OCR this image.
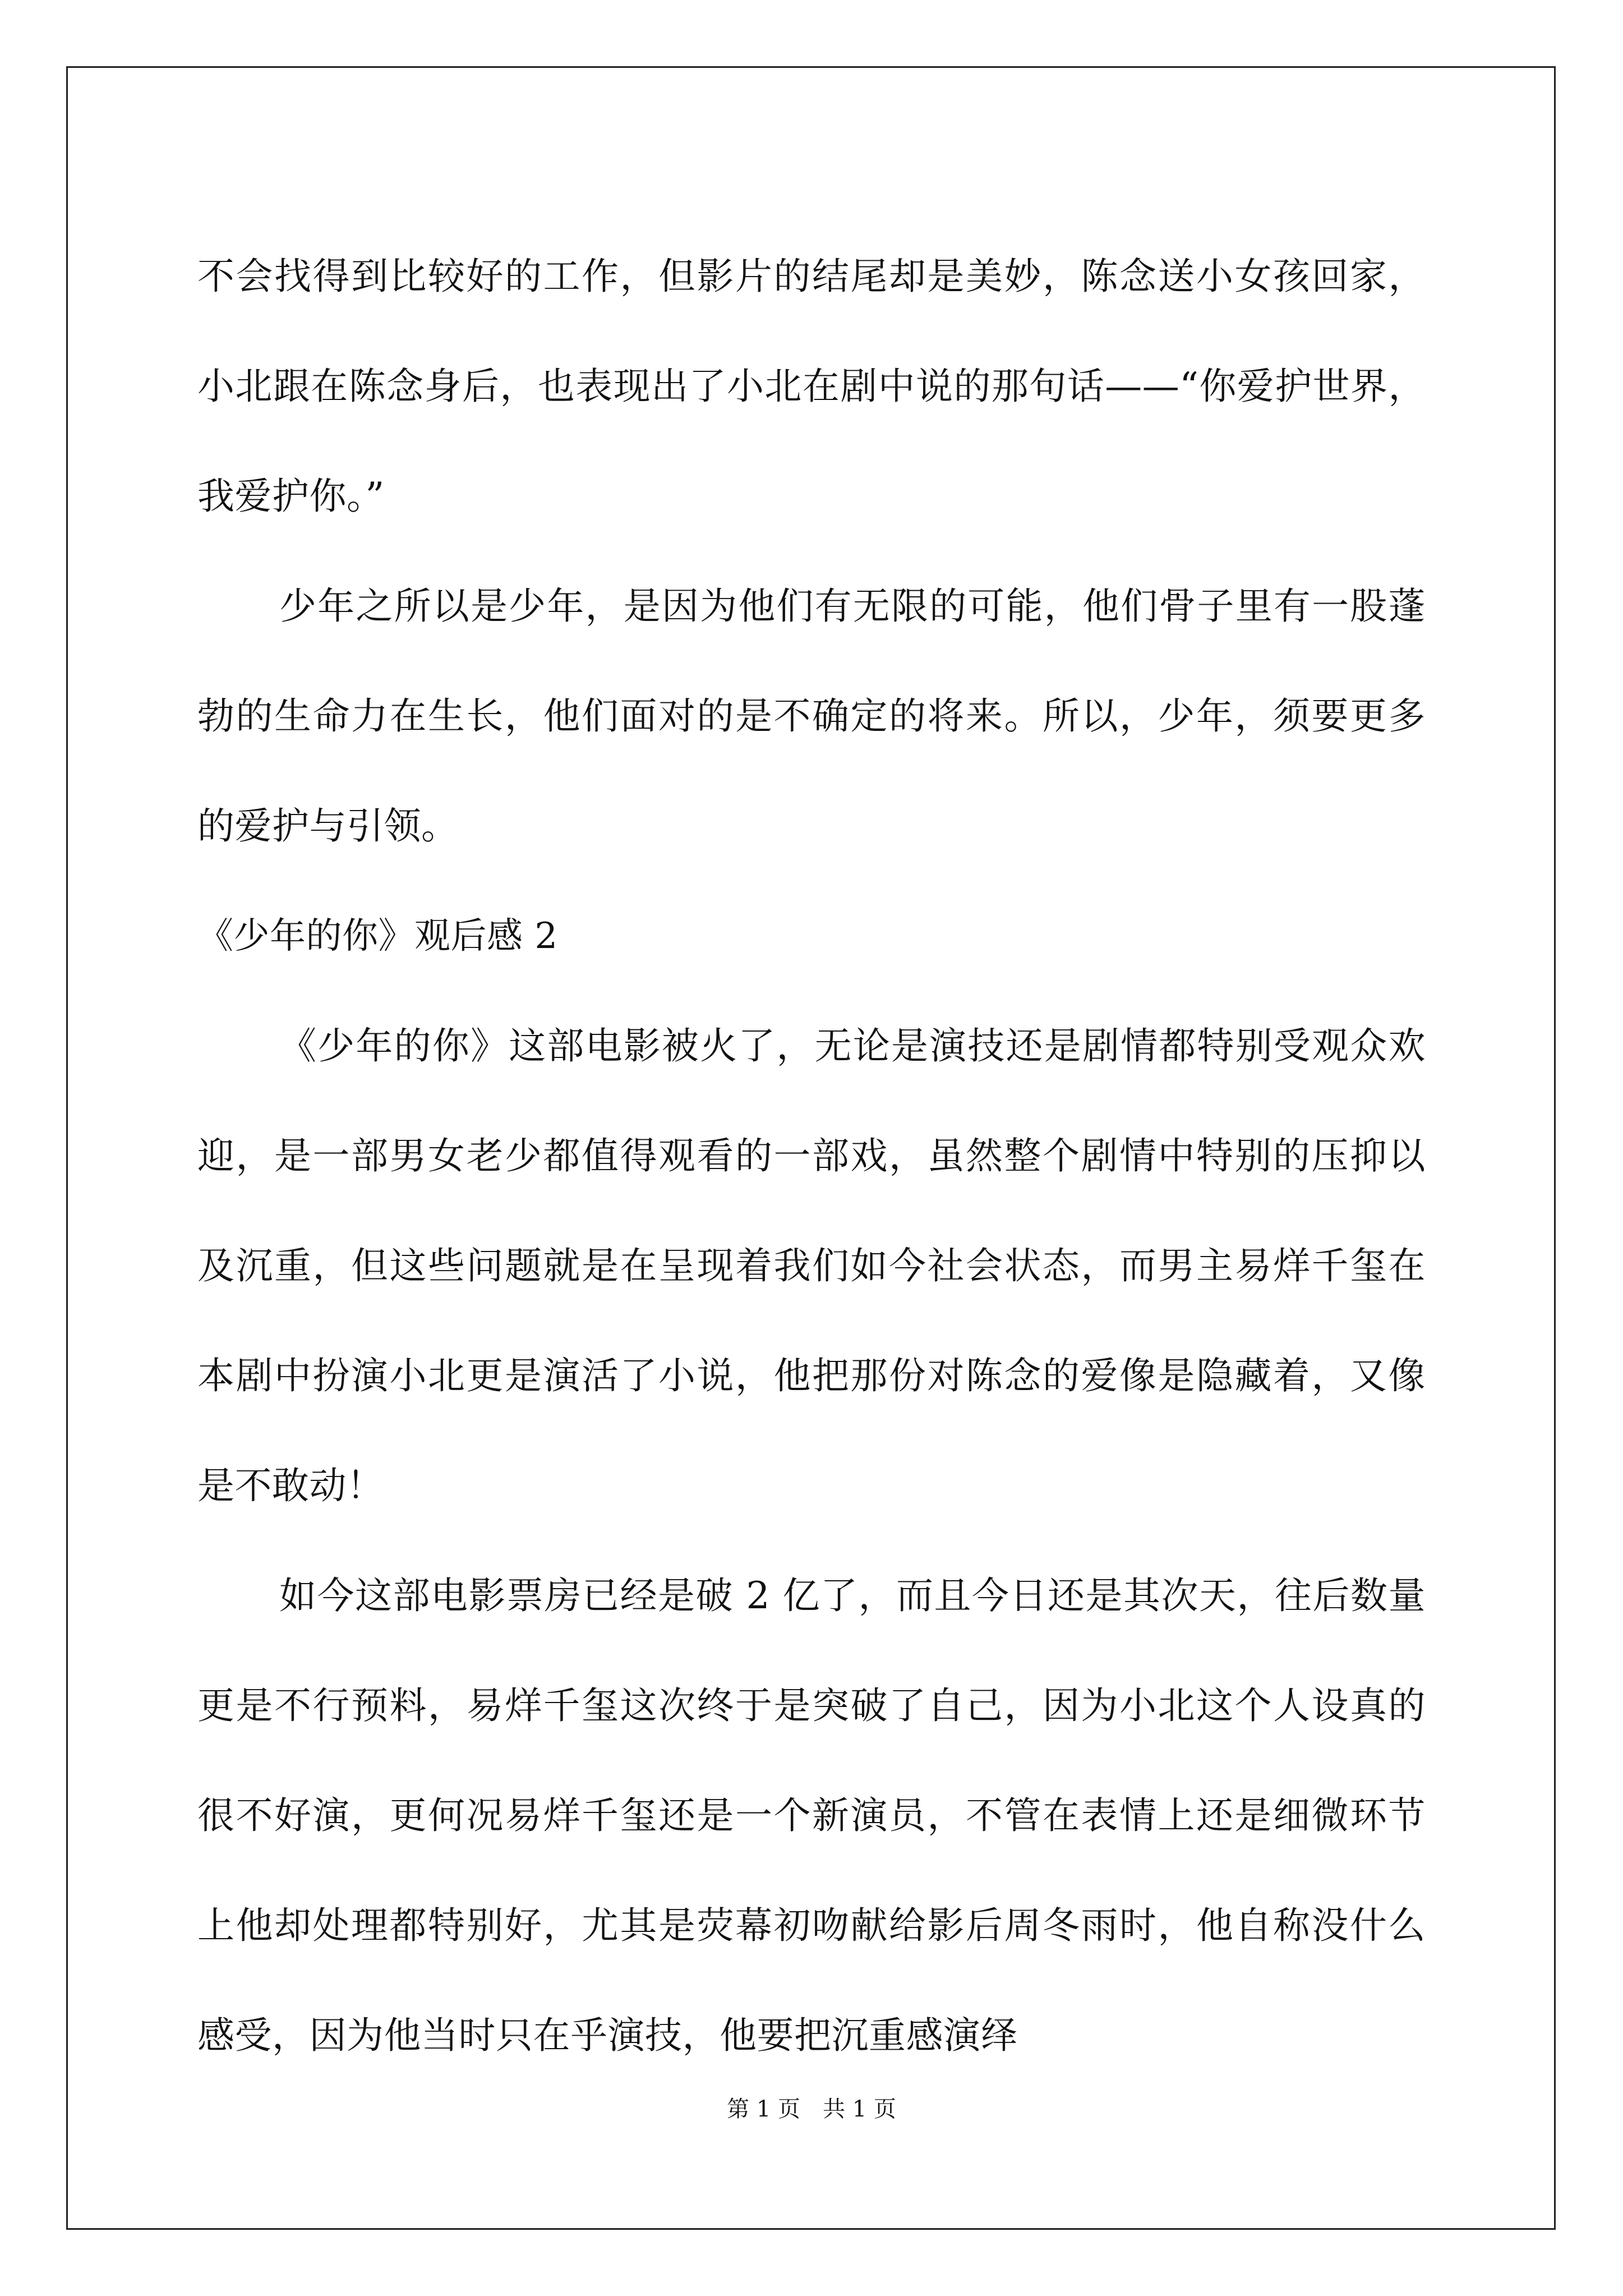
不会找得到比较好的工作，但影片的结尾却是美妙，陈念送小女孩回家，小北跟在陈念身后，也表现出了小北在剧中说的那句话——“你爱护世界，我爱护你。”

少年之所以是少年，是因为他们有无限的可能，他们骨子里有一股蓬勃的生命力在生长，他们面对的是不确定的将来。所以，少年，须要更多的爱护与引领。

《少年的你》观后感 2

《少年的你》这部电影被火了，无论是演技还是剧情都特别受观众欢迎，是一部男女老少都值得观看的一部戏，虽然整个剧情中特别的压抑以及沉重，但这些问题就是在呈现着我们如今社会状态，而男主易烊千玺在本剧中扮演小北更是演活了小说，他把那份对陈念的爱像是隐藏着，又像是不敢动！

如今这部电影票房已经是破 2 亿了，而且今日还是其次天，往后数量更是不行预料，易烊千玺这次终于是突破了自己，因为小北这个人设真的很不好演，更何况易烊千玺还是一个新演员，不管在表情上还是细微环节上他却处理都特别好，尤其是荧幕初吻献给影后周冬雨时，他自称没什么感受，因为他当时只在乎演技，他要把沉重感演绎

第 1 页　共 1 页
